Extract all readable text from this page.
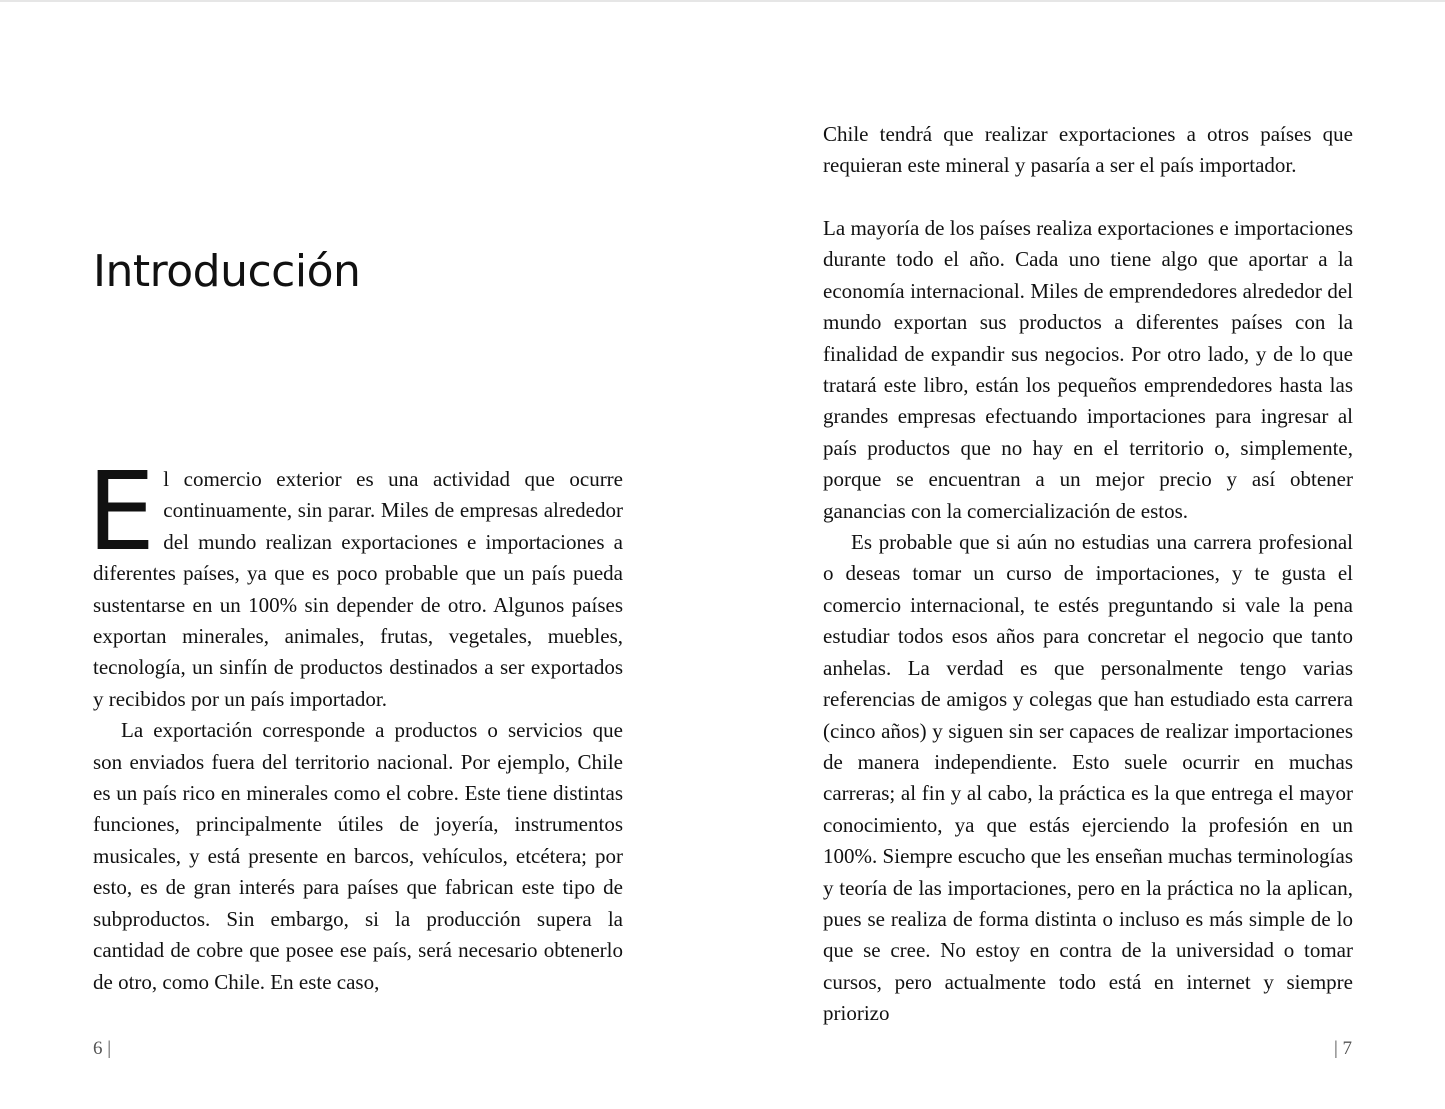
Introducción

El comercio exterior es una actividad que ocurre continuamente, sin parar. Miles de empresas alrededor del mundo realizan exportaciones e importaciones a diferentes países, ya que es poco probable que un país pueda sustentarse en un 100% sin depender de otro. Algunos países exportan minerales, animales, frutas, vegetales, muebles, tecnología, un sinfín de productos destinados a ser exportados y recibidos por un país importador.

La exportación corresponde a productos o servicios que son enviados fuera del territorio nacional. Por ejemplo, Chile es un país rico en minerales como el cobre. Este tiene distintas funciones, principalmente útiles de joyería, instrumentos musicales, y está presente en barcos, vehículos, etcétera; por esto, es de gran interés para países que fabrican este tipo de subproductos. Sin embargo, si la producción supera la cantidad de cobre que posee ese país, será necesario obtenerlo de otro, como Chile. En este caso,

6 |

Chile tendrá que realizar exportaciones a otros países que requieran este mineral y pasaría a ser el país importador.

La mayoría de los países realiza exportaciones e importaciones durante todo el año. Cada uno tiene algo que aportar a la economía internacional. Miles de emprendedores alrededor del mundo exportan sus productos a diferentes países con la finalidad de expandir sus negocios. Por otro lado, y de lo que tratará este libro, están los pequeños emprendedores hasta las grandes empresas efectuando importaciones para ingresar al país productos que no hay en el territorio o, simplemente, porque se encuentran a un mejor precio y así obtener ganancias con la comercialización de estos.

Es probable que si aún no estudias una carrera profesional o deseas tomar un curso de importaciones, y te gusta el comercio internacional, te estés preguntando si vale la pena estudiar todos esos años para concretar el negocio que tanto anhelas. La verdad es que personalmente tengo varias referencias de amigos y colegas que han estudiado esta carrera (cinco años) y siguen sin ser capaces de realizar importaciones de manera independiente. Esto suele ocurrir en muchas carreras; al fin y al cabo, la práctica es la que entrega el mayor conocimiento, ya que estás ejerciendo la profesión en un 100%. Siempre escucho que les enseñan muchas terminologías y teoría de las importaciones, pero en la práctica no la aplican, pues se realiza de forma distinta o incluso es más simple de lo que se cree. No estoy en contra de la universidad o tomar cursos, pero actualmente todo está en internet y siempre priorizo

| 7
